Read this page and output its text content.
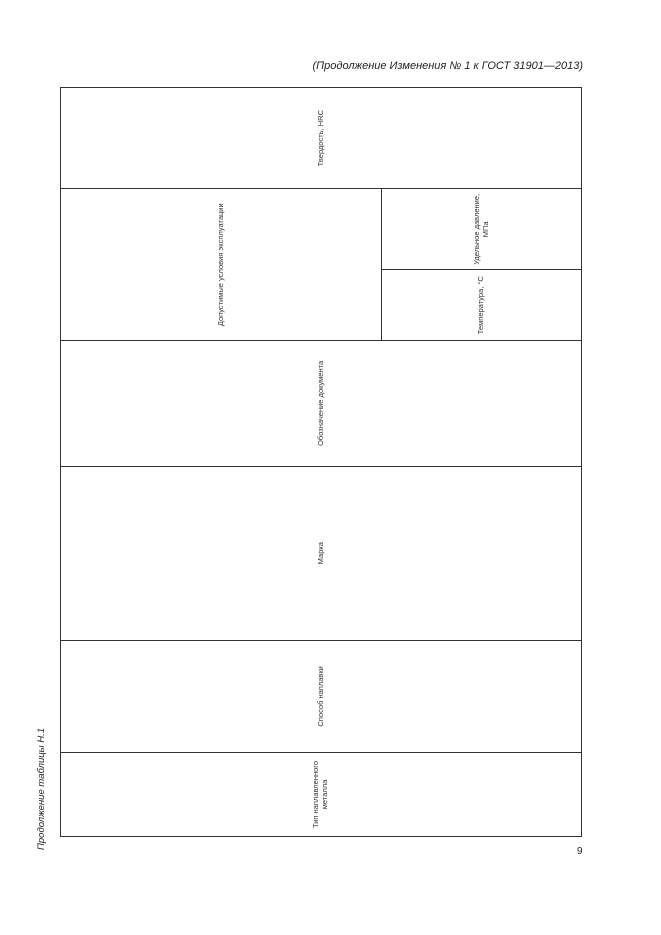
(Продолжение Изменения № 1 к ГОСТ 31901—2013)
Продолжение таблицы Н.1
9
Тип наплавленного металла	Способ наплавки	Марка	Обозначение документа	Допустимые условия эксплуатации		Твердость, HRC
				Температура, °С	Удельное давление, МПа	
